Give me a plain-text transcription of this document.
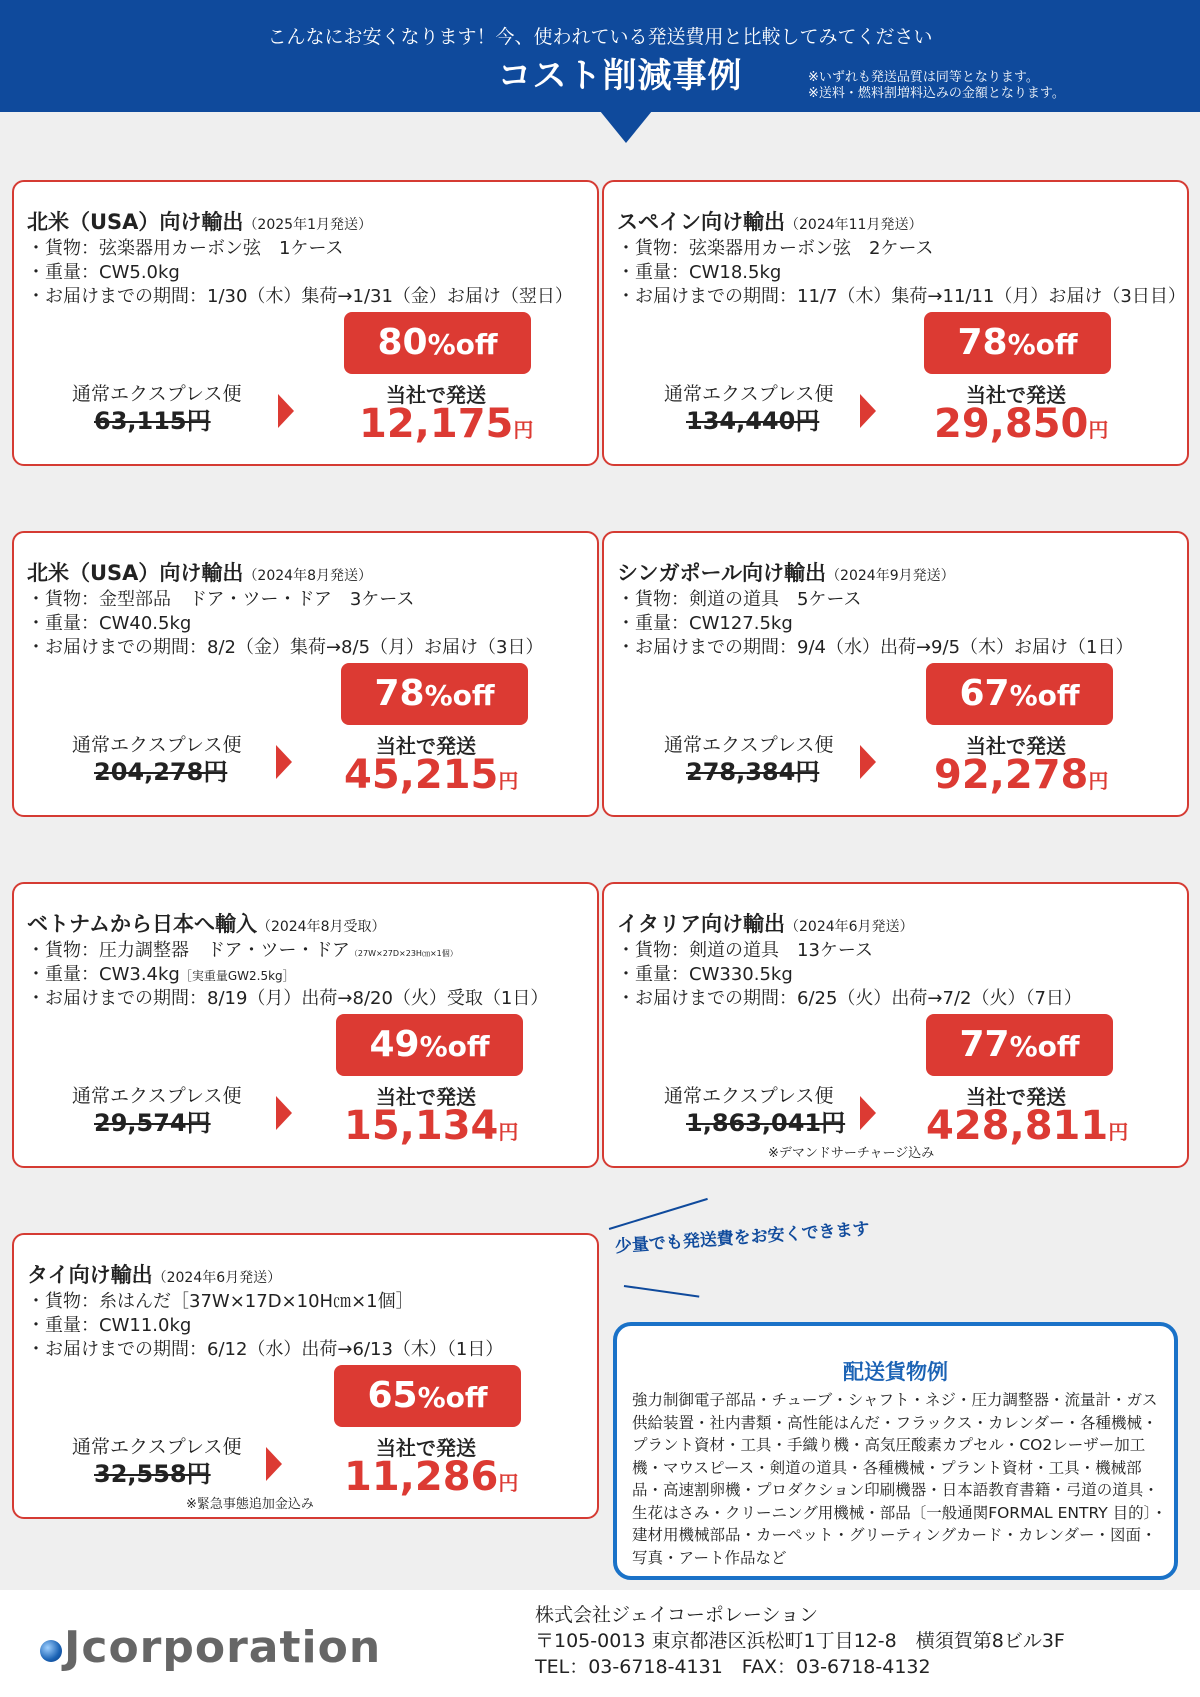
こんなにお安くなります！今、使われている発送費用と比較してみてください
コスト削減事例	※いずれも発送品質は同等となります。
※送料・燃料割増料込みの金額となります。
北米（USA）向け輸出（2025年1月発送）
・貨物：弦楽器用カーボン弦　1ケース
・重量：CW5.0kg
・お届けまでの期間：1/30（木）集荷→1/31（金）お届け（翌日）
80%off
通常エクスプレス便
63,115円
当社で発送
12,175円
スペイン向け輸出（2024年11月発送）
・貨物：弦楽器用カーボン弦　2ケース
・重量：CW18.5kg
・お届けまでの期間：11/7（木）集荷→11/11（月）お届け（3日目）
78%off
通常エクスプレス便
134,440円
当社で発送
29,850円
北米（USA）向け輸出（2024年8月発送）
・貨物：金型部品　ドア・ツー・ドア　3ケース
・重量：CW40.5kg
・お届けまでの期間：8/2（金）集荷→8/5（月）お届け（3日）
78%off
通常エクスプレス便
204,278円
当社で発送
45,215円
シンガポール向け輸出（2024年9月発送）
・貨物：剣道の道具　5ケース
・重量：CW127.5kg
・お届けまでの期間：9/4（水）出荷→9/5（木）お届け（1日）
67%off
通常エクスプレス便
278,384円
当社で発送
92,278円
ベトナムから日本へ輸入（2024年8月受取）
・貨物：圧力調整器　ドア・ツー・ドア（27W×27D×23H㎝×1個）
・重量：CW3.4kg［実重量GW2.5kg］
・お届けまでの期間：8/19（月）出荷→8/20（火）受取（1日）
49%off
通常エクスプレス便
29,574円
当社で発送
15,134円
イタリア向け輸出（2024年6月発送）
・貨物：剣道の道具　13ケース
・重量：CW330.5kg
・お届けまでの期間：6/25（火）出荷→7/2（火）（7日）
77%off
通常エクスプレス便
1,863,041円
当社で発送
428,811円
※デマンドサーチャージ込み
タイ向け輸出（2024年6月発送）
・貨物：糸はんだ［37W×17D×10H㎝×1個］
・重量：CW11.0kg
・お届けまでの期間：6/12（水）出荷→6/13（木）（1日）
65%off
通常エクスプレス便
32,558円
当社で発送
11,286円
※緊急事態追加金込み
少量でも発送費をお安くできます
配送貨物例

強力制御電子部品・チューブ・シャフト・ネジ・圧力調整器・流量計・ガス供給装置・社内書類・高性能はんだ・フラックス・カレンダー・各種機械・プラント資材・工具・手織り機・高気圧酸素カプセル・CO2レーザー加工機・マウスピース・剣道の道具・各種機械・プラント資材・工具・機械部品・高速割卵機・プロダクション印刷機器・日本語教育書籍・弓道の道具・生花はさみ・クリーニング用機械・部品〔一般通関FORMAL ENTRY 目的〕・建材用機械部品・カーペット・グリーティングカード・カレンダー・図面・写真・アート作品など

Jcorporation
株式会社ジェイコーポレーション
〒105-0013 東京都港区浜松町1丁目12-8　横須賀第8ビル3F
TEL：03-6718-4131　FAX：03-6718-4132
